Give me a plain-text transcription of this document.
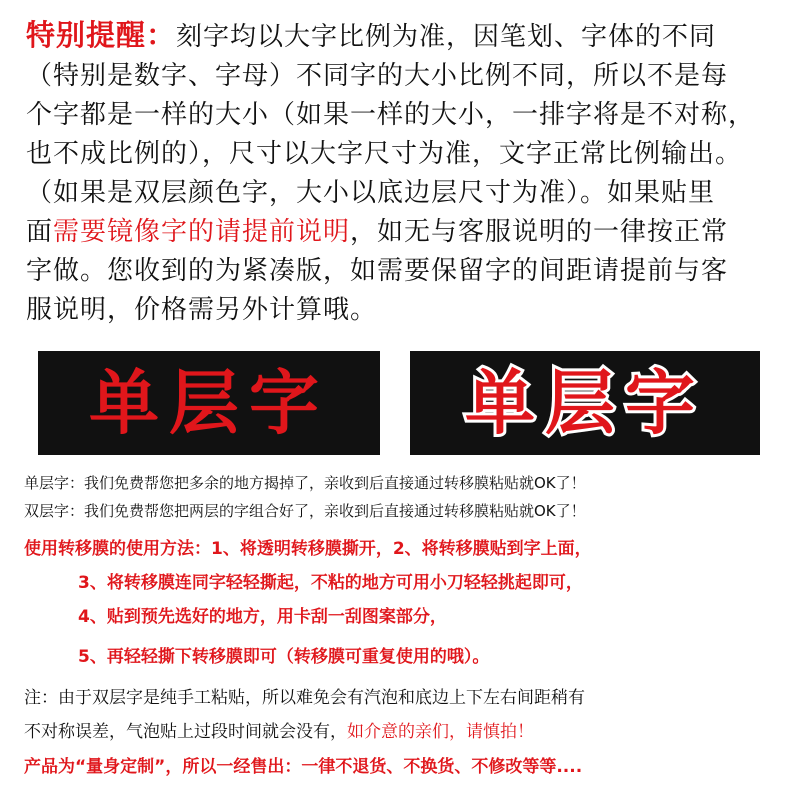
特别提醒：刻字均以大字比例为准，因笔划、字体的不同

（特别是数字、字母）不同字的大小比例不同，所以不是每

个字都是一样的大小（如果一样的大小，一排字将是不对称，

也不成比例的），尺寸以大字尺寸为准，文字正常比例输出。

（如果是双层颜色字，大小以底边层尺寸为准）。如果贴里

面需要镜像字的请提前说明，如无与客服说明的一律按正常

字做。您收到的为紧凑版，如需要保留字的间距请提前与客

服说明，价格需另外计算哦。

单层字 单层字
单层字：我们免费帮您把多余的地方揭掉了，亲收到后直接通过转移膜粘贴就OK了！
双层字：我们免费帮您把两层的字组合好了，亲收到后直接通过转移膜粘贴就OK了！
使用转移膜的使用方法：1、将透明转移膜撕开，2、将转移膜贴到字上面，
3、将转移膜连同字轻轻撕起，不粘的地方可用小刀轻轻挑起即可，
4、贴到预先选好的地方，用卡刮一刮图案部分，
5、再轻轻撕下转移膜即可（转移膜可重复使用的哦）。
注：由于双层字是纯手工粘贴，所以难免会有汽泡和底边上下左右间距稍有
不对称误差，气泡贴上过段时间就会没有，如介意的亲们，请慎拍！
产品为“量身定制”，所以一经售出：一律不退货、不换货、不修改等等....
